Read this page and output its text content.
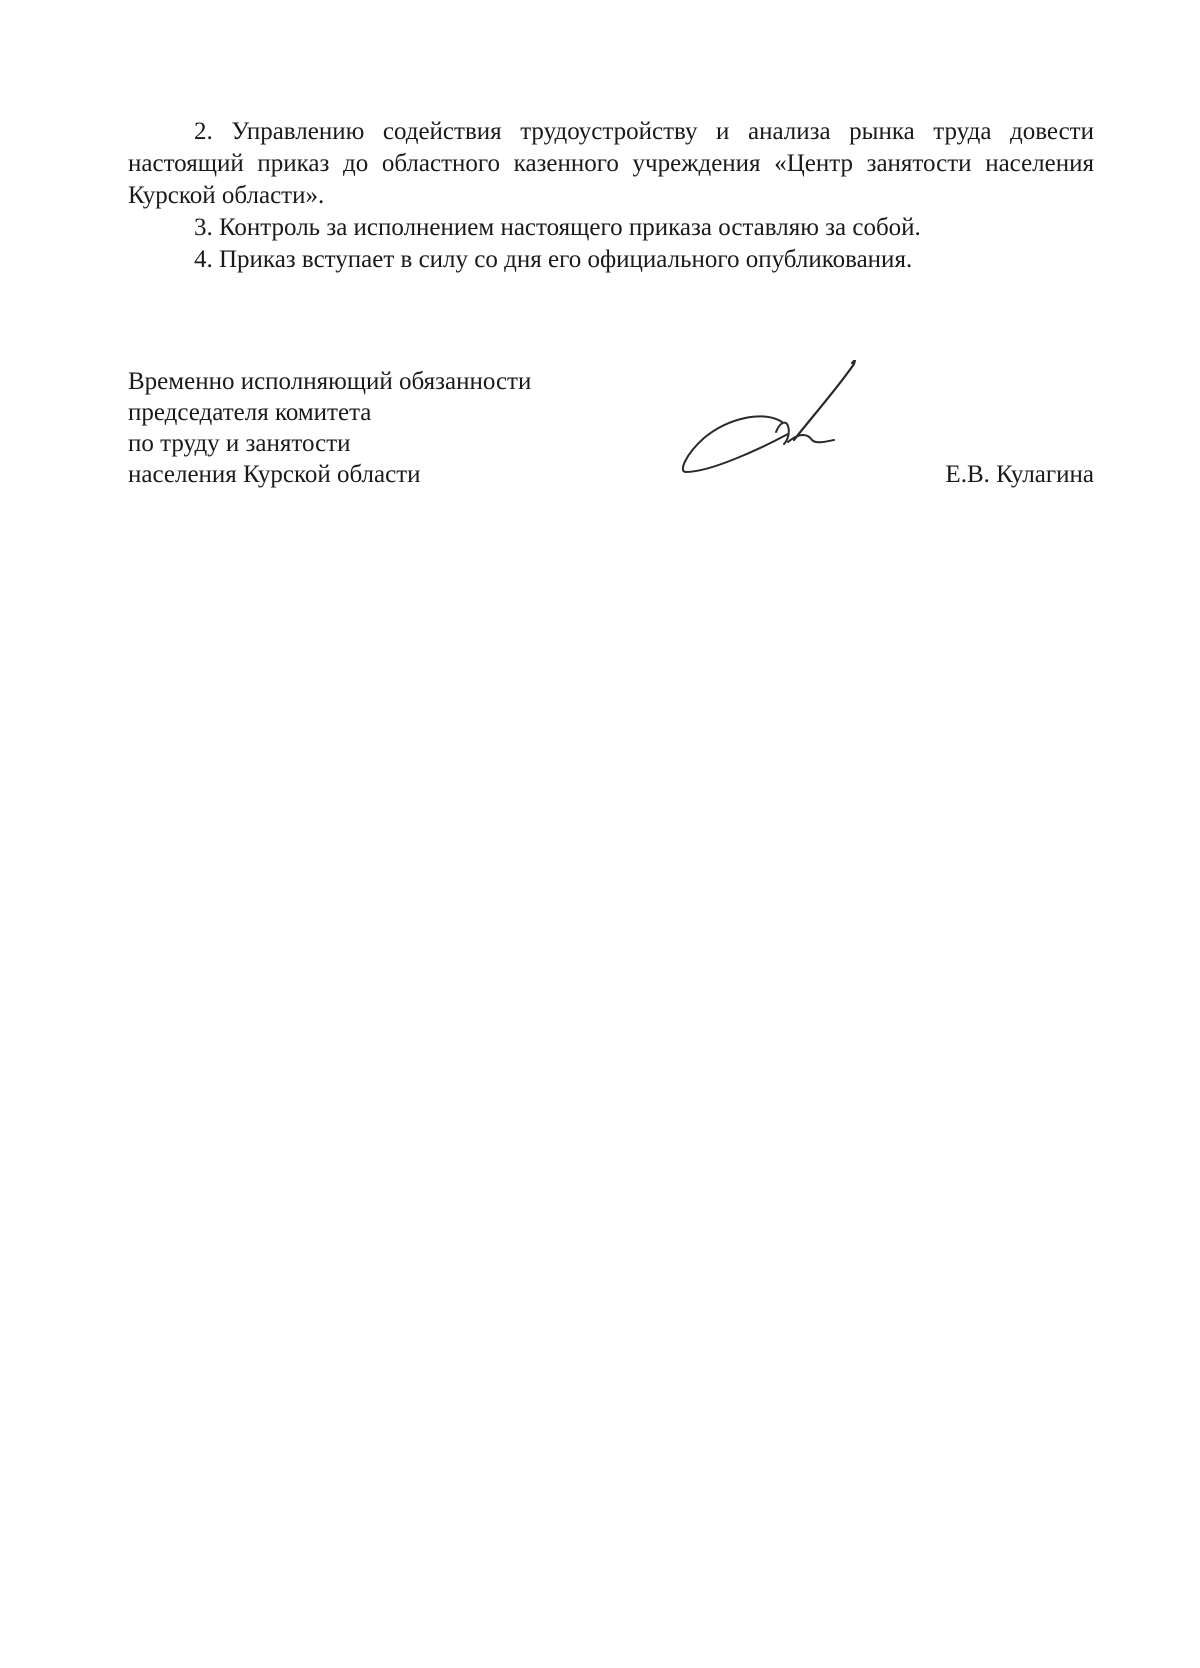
2. Управлению содействия трудоустройству и анализа рынка труда довести настоящий приказ до областного казенного учреждения «Центр занятости населения Курской области».

3. Контроль за исполнением настоящего приказа оставляю за собой.

4. Приказ вступает в силу со дня его официального опубликования.

Временно исполняющий обязанности
председателя комитета
по труду и занятости
населения Курской области	Е.В. Кулагина
